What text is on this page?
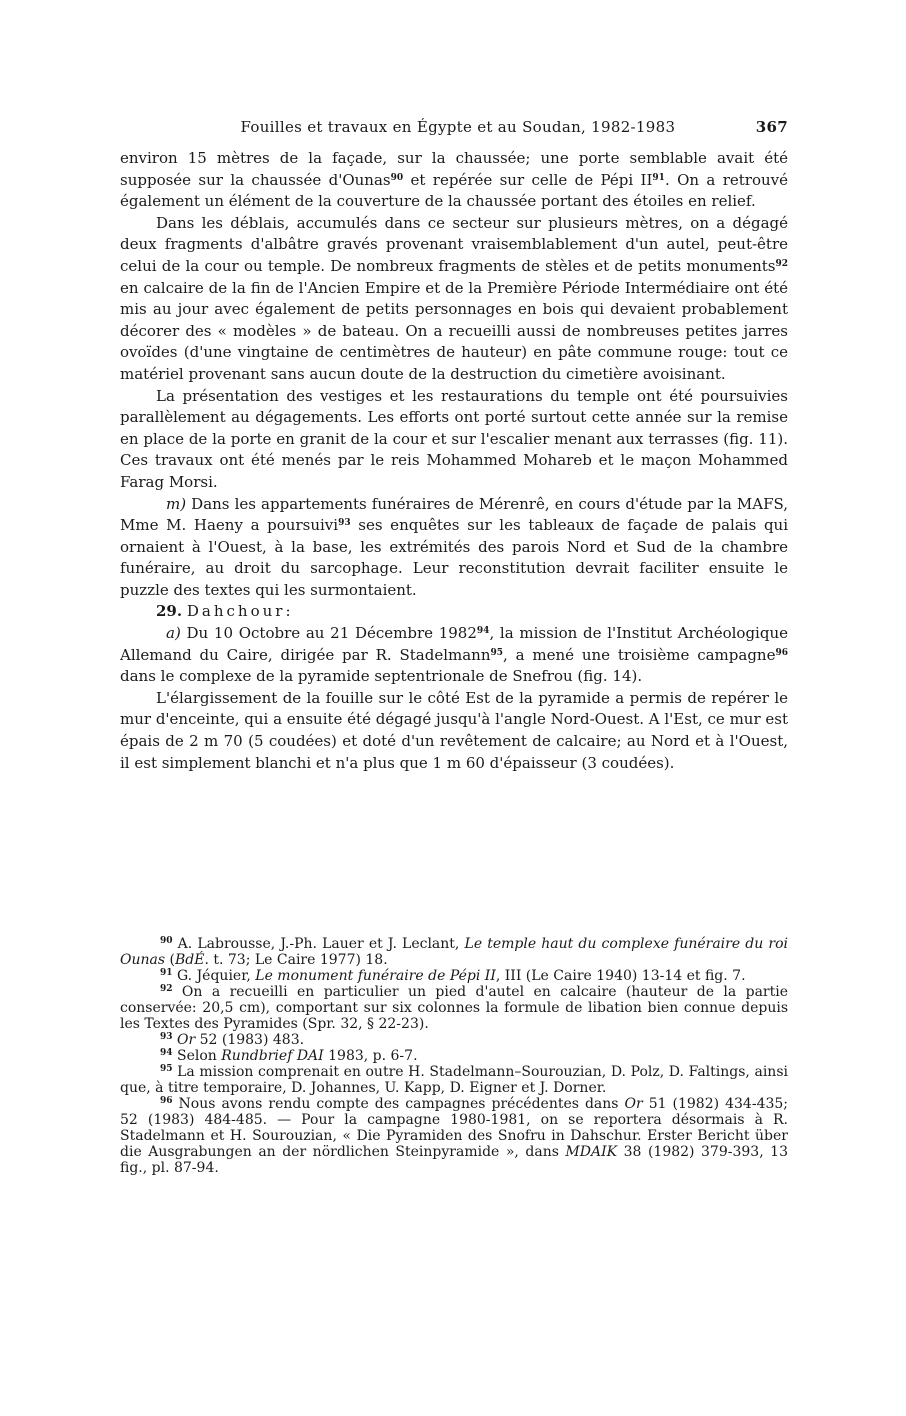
Fouilles et travaux en Égypte et au Soudan, 1982-1983	367

environ 15 mètres de la façade, sur la chaussée; une porte semblable avait été supposée sur la chaussée d'Ounas$^{90}$ et repérée sur celle de Pépi II$^{91}$. On a retrouvé également un élément de la couverture de la chaussée portant des étoiles en relief.

Dans les déblais, accumulés dans ce secteur sur plusieurs mètres, on a dégagé deux fragments d'albâtre gravés provenant vraisemblablement d'un autel, peut-être celui de la cour ou temple. De nombreux fragments de stèles et de petits monuments$^{92}$ en calcaire de la fin de l'Ancien Empire et de la Première Période Intermédiaire ont été mis au jour avec également de petits personnages en bois qui devaient probablement décorer des « modèles » de bateau. On a recueilli aussi de nombreuses petites jarres ovoïdes (d'une vingtaine de centimètres de hauteur) en pâte commune rouge: tout ce matériel provenant sans aucun doute de la destruction du cimetière avoisinant.

La présentation des vestiges et les restaurations du temple ont été poursuivies parallèlement au dégagements. Les efforts ont porté surtout cette année sur la remise en place de la porte en granit de la cour et sur l'escalier menant aux terrasses (fig. 11). Ces travaux ont été menés par le reis Mohammed Mohareb et le maçon Mohammed Farag Morsi.

m) Dans les appartements funéraires de Mérenrê, en cours d'étude par la MAFS, Mme M. Haeny a poursuivi$^{93}$ ses enquêtes sur les tableaux de façade de palais qui ornaient à l'Ouest, à la base, les extrémités des parois Nord et Sud de la chambre funéraire, au droit du sarcophage. Leur reconstitution devrait faciliter ensuite le puzzle des textes qui les surmontaient.

29. Dahchour:

a) Du 10 Octobre au 21 Décembre 1982$^{94}$, la mission de l'Institut Archéologique Allemand du Caire, dirigée par R. Stadelmann$^{95}$, a mené une troisième campagne$^{96}$ dans le complexe de la pyramide septentrionale de Snefrou (fig. 14).

L'élargissement de la fouille sur le côté Est de la pyramide a permis de repérer le mur d'enceinte, qui a ensuite été dégagé jusqu'à l'angle Nord-Ouest. A l'Est, ce mur est épais de 2 m 70 (5 coudées) et doté d'un revêtement de calcaire; au Nord et à l'Ouest, il est simplement blanchi et n'a plus que 1 m 60 d'épaisseur (3 coudées).

$^{90}$ A. Labrousse, J.-Ph. Lauer et J. Leclant, Le temple haut du complexe funéraire du roi Ounas (BdÉ. t. 73; Le Caire 1977) 18.

$^{91}$ G. Jéquier, Le monument funéraire de Pépi II, III (Le Caire 1940) 13-14 et fig. 7.

$^{92}$ On a recueilli en particulier un pied d'autel en calcaire (hauteur de la partie conservée: 20,5 cm), comportant sur six colonnes la formule de libation bien connue depuis les Textes des Pyramides (Spr. 32, § 22-23).

$^{93}$ Or 52 (1983) 483.

$^{94}$ Selon Rundbrief DAI 1983, p. 6-7.

$^{95}$ La mission comprenait en outre H. Stadelmann–Sourouzian, D. Polz, D. Faltings, ainsi que, à titre temporaire, D. Johannes, U. Kapp, D. Eigner et J. Dorner.

$^{96}$ Nous avons rendu compte des campagnes précédentes dans Or 51 (1982) 434-435; 52 (1983) 484-485. — Pour la campagne 1980-1981, on se reportera désormais à R. Stadelmann et H. Sourouzian, « Die Pyramiden des Snofru in Dahschur. Erster Bericht über die Ausgrabungen an der nördlichen Steinpyramide », dans MDAIK 38 (1982) 379-393, 13 fig., pl. 87-94.
